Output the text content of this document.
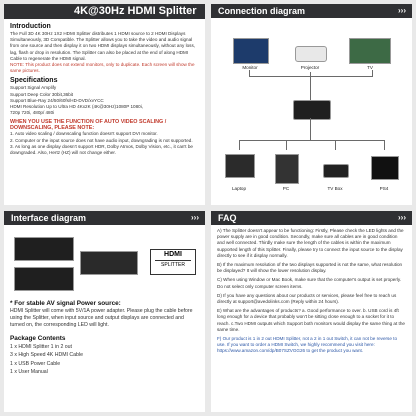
4K@30Hz HDMI Splitter 1×2
Introduction
The Full 3D 4K 30Hz 1X2 HDMI Splitter distributes 1 HDMI source to 2 HDMI Displays Simultaneously, 3D Compatible. The Splitter allows you to take the video and audio signal from one source and then display it on two HDMI displays simultaneously, without any loss, lag, flash or drop in resolution. The Splitter can also be placed at the end of along HDMI Cable to regenerate the HDMI signal.
NOTE: This product does not extend monitors, only to duplicate. Each screen will show the same pictures.
Specifications
Support Signal Amplify
Support Deep Color 30bit,36bit
Support Blue-Ray 24/50/60fs/HD-DVD/xvYCC
HDMI Resolution Up to Ultra HD 4Kx2K (4K@30Hz)1080P 1080i,
720p 720i, 480p/ 480i
WHEN YOU USE THE FUNCTION OF AUTO VIDEO SCALING / DOWNSCALING, PLEASE NOTE:
1. Auto video scaling / downscaling function doesn't support DVI monitor.
2. Computer or the input source does not have audio input, downgrading is not supported.
3. As long as one display doesn't support HDR, Dolby Atmos, Dolby Vision, etc., it can't be downgraded. Also, Hertz (HZ) will not change either.
Connection diagram	›››
Monitor	Projector	TV
Laptop	PC	TV Box	PS4
Interface diagram	›››
HDMI
SPLITTER
* For stable AV signal Power source:
HDMI Splitter will come with 5V/1A power adapter. Please plug the cable before using the Splitter, when input source and output displays are connected and turned on, the corresponding LED will light.
Package Contents
1 x HDMI Splitter 1 in 2 out
3 x High Speed 4K HDMI Cable
1 x USB Power Cable
1 x User Manual
FAQ	›››
A) The Splitter doesn't appear to be functioning: Firstly, Please check the LED lights and the power supply are in good condition. Secondly, make sure all cables are in good condition and well connected. Thirdly make sure the length of the cables is within the maximum supported length of this Splitter. Finally, please try to connect the input source to the display directly to see if it display normally.
B) If the maximum resolution of the two displays supported is not the same, what resolution be displayed? It will show the lower resolution display.
C) When using Window or Mac Book, make sure that the computer's output is set properly. Do not select only computer screen items.
D) If you have any questions about our products or services, please feel free to reach us directly at support@avedolinks.com (Reply within 24 hours).
E) What are the advantages of products? a. Good performance to over. b. USB cord is 4ft long enough for a device that probably won't be sitting close enough to a socket for it to reach. c.Two HDMI outputs which Support both monitors would display the same thing at the same time.
F) Our product is 1 in 2 out HDMI Splitter, not a 2 in 1 out Switch, it can not be reverse to use. If you want to order a HDMI Switch, we highly recommend you visit here: https://www.amazon.com/dp/B07SZVGG26 to get the product you want.
